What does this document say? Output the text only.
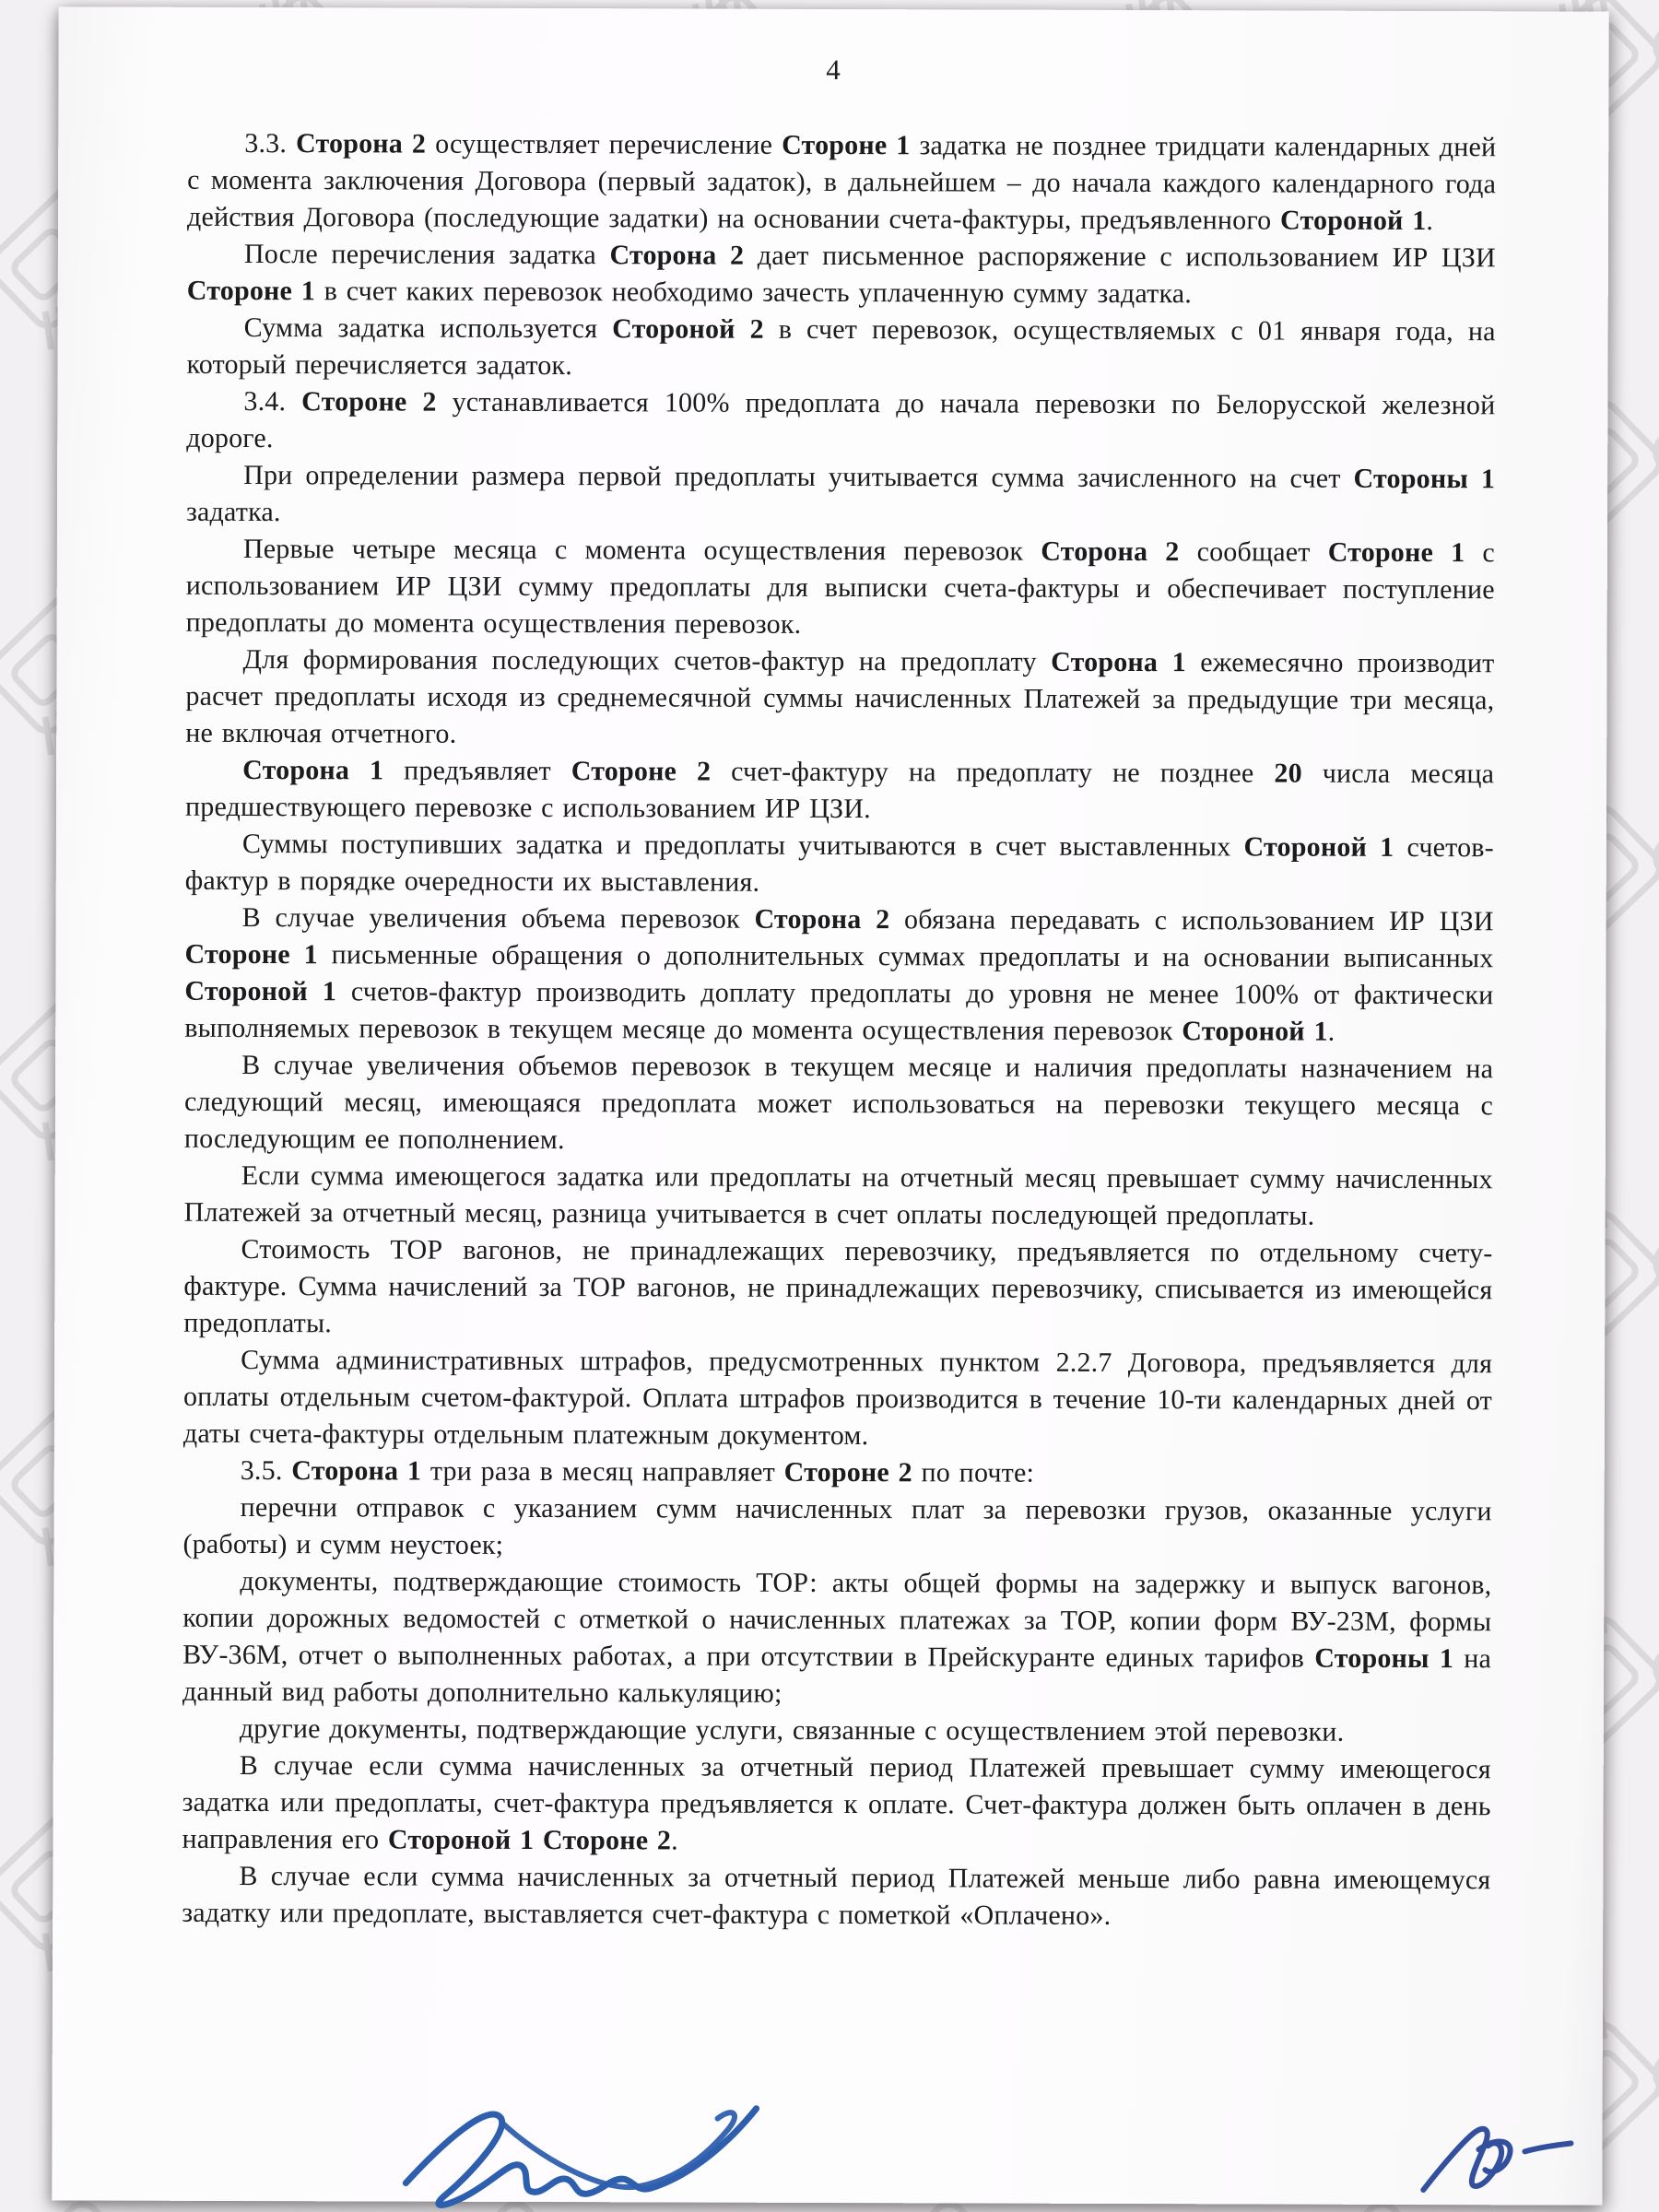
4

3.3. Сторона 2 осуществляет перечисление Стороне 1 задатка не позднее тридцати календарных дней с момента заключения Договора (первый задаток), в дальнейшем – до начала каждого календарного года действия Договора (последующие задатки) на основании счета-фактуры, предъявленного Стороной 1.

После перечисления задатка Сторона 2 дает письменное распоряжение с использованием ИР ЦЗИ Стороне 1 в счет каких перевозок необходимо зачесть уплаченную сумму задатка.

Сумма задатка используется Стороной 2 в счет перевозок, осуществляемых с 01 января года, на который перечисляется задаток.

3.4. Стороне 2 устанавливается 100% предоплата до начала перевозки по Белорусской железной дороге.

При определении размера первой предоплаты учитывается сумма зачисленного на счет Стороны 1 задатка.

Первые четыре месяца с момента осуществления перевозок Сторона 2 сообщает Стороне 1 с использованием ИР ЦЗИ сумму предоплаты для выписки счета-фактуры и обеспечивает поступление предоплаты до момента осуществления перевозок.

Для формирования последующих счетов-фактур на предоплату Сторона 1 ежемесячно производит расчет предоплаты исходя из среднемесячной суммы начисленных Платежей за предыдущие три месяца, не включая отчетного.

Сторона 1 предъявляет Стороне 2 счет-фактуру на предоплату не позднее 20 числа месяца предшествующего перевозке с использованием ИР ЦЗИ.

Суммы поступивших задатка и предоплаты учитываются в счет выставленных Стороной 1 счетов-фактур в порядке очередности их выставления.

В случае увеличения объема перевозок Сторона 2 обязана передавать с использованием ИР ЦЗИ Стороне 1 письменные обращения о дополнительных суммах предоплаты и на основании выписанных Стороной 1 счетов-фактур производить доплату предоплаты до уровня не менее 100% от фактически выполняемых перевозок в текущем месяце до момента осуществления перевозок Стороной 1.

В случае увеличения объемов перевозок в текущем месяце и наличия предоплаты назначением на следующий месяц, имеющаяся предоплата может использоваться на перевозки текущего месяца с последующим ее пополнением.

Если сумма имеющегося задатка или предоплаты на отчетный месяц превышает сумму начисленных Платежей за отчетный месяц, разница учитывается в счет оплаты последующей предоплаты.

Стоимость ТОР вагонов, не принадлежащих перевозчику, предъявляется по отдельному счету-фактуре. Сумма начислений за ТОР вагонов, не принадлежащих перевозчику, списывается из имеющейся предоплаты.

Сумма административных штрафов, предусмотренных пунктом 2.2.7 Договора, предъявляется для оплаты отдельным счетом-фактурой. Оплата штрафов производится в течение 10-ти календарных дней от даты счета-фактуры отдельным платежным документом.

3.5. Сторона 1 три раза в месяц направляет Стороне 2 по почте:

перечни отправок с указанием сумм начисленных плат за перевозки грузов, оказанные услуги (работы) и сумм неустоек;

документы, подтверждающие стоимость ТОР: акты общей формы на задержку и выпуск вагонов, копии дорожных ведомостей с отметкой о начисленных платежах за ТОР, копии форм ВУ-23М, формы ВУ-36М, отчет о выполненных работах, а при отсутствии в Прейскуранте единых тарифов Стороны 1 на данный вид работы дополнительно калькуляцию;

другие документы, подтверждающие услуги, связанные с осуществлением этой перевозки.

В случае если сумма начисленных за отчетный период Платежей превышает сумму имеющегося задатка или предоплаты, счет-фактура предъявляется к оплате. Счет-фактура должен быть оплачен в день направления его Стороной 1 Стороне 2.

В случае если сумма начисленных за отчетный период Платежей меньше либо равна имеющемуся задатку или предоплате, выставляется счет-фактура с пометкой «Оплачено».
